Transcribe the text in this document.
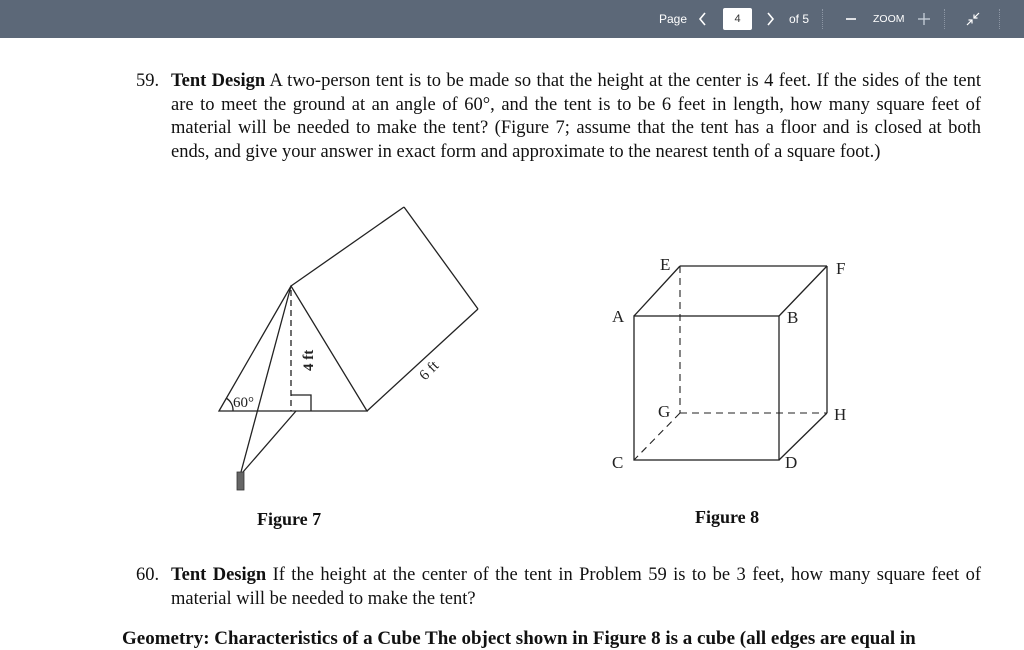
Page
4	of 5	ZOOM
59. Tent Design A two-person tent is to be made so that the height at the center is 4 feet. If the sides of the tent are to meet the ground at an angle of 60°, and the tent is to be 6 feet in length, how many square feet of material will be needed to make the tent? (Figure 7; assume that the tent has a floor and is closed at both ends, and give your answer in exact form and approximate to the nearest tenth of a square foot.)
60°
4 ft	6 ft
Figure 7
E	F
A	B
G	H
C	D
Figure 8
60. Tent Design If the height at the center of the tent in Problem 59 is to be 3 feet, how many square feet of material will be needed to make the tent?
Geometry: Characteristics of a Cube The object shown in Figure 8 is a cube (all edges are equal in
